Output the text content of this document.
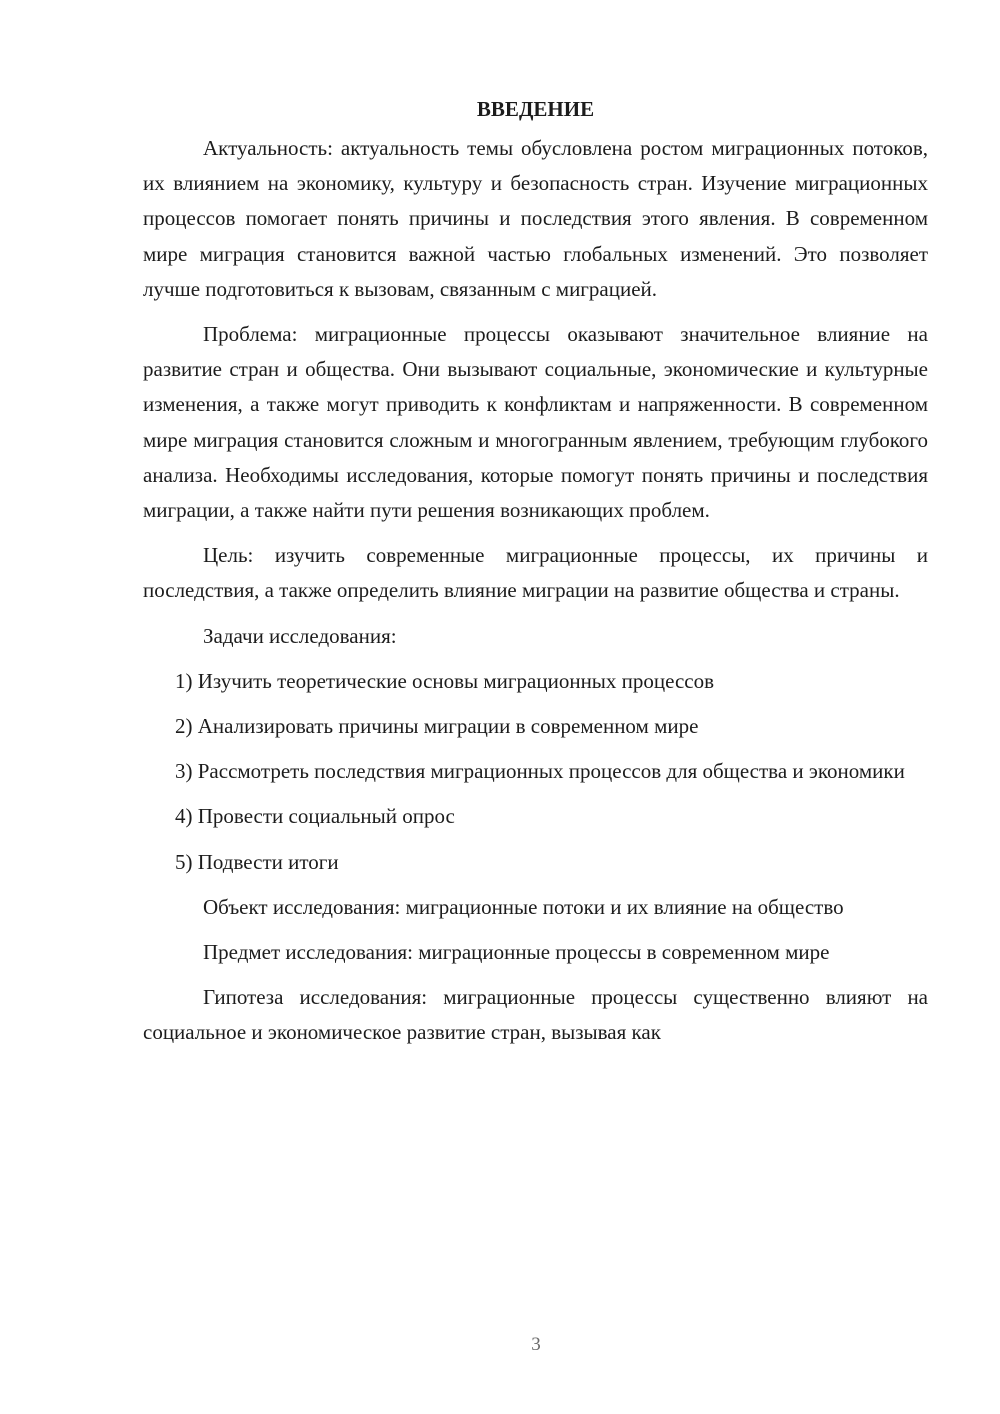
ВВЕДЕНИЕ

Актуальность: актуальность темы обусловлена ростом миграционных потоков, их влиянием на экономику, культуру и безопасность стран. Изучение миграционных процессов помогает понять причины и последствия этого явления. В современном мире миграция становится важной частью глобальных изменений. Это позволяет лучше подготовиться к вызовам, связанным с миграцией.

Проблема: миграционные процессы оказывают значительное влияние на развитие стран и общества. Они вызывают социальные, экономические и культурные изменения, а также могут приводить к конфликтам и напряженности. В современном мире миграция становится сложным и многогранным явлением, требующим глубокого анализа. Необходимы исследования, которые помогут понять причины и последствия миграции, а также найти пути решения возникающих проблем.

Цель: изучить современные миграционные процессы, их причины и последствия, а также определить влияние миграции на развитие общества и страны.

Задачи исследования:

1) Изучить теоретические основы миграционных процессов

2) Анализировать причины миграции в современном мире

3) Рассмотреть последствия миграционных процессов для общества и экономики

4) Провести социальный опрос

5) Подвести итоги

Объект исследования: миграционные потоки и их влияние на общество

Предмет исследования: миграционные процессы в современном мире

Гипотеза исследования: миграционные процессы существенно влияют на социальное и экономическое развитие стран, вызывая как

3
